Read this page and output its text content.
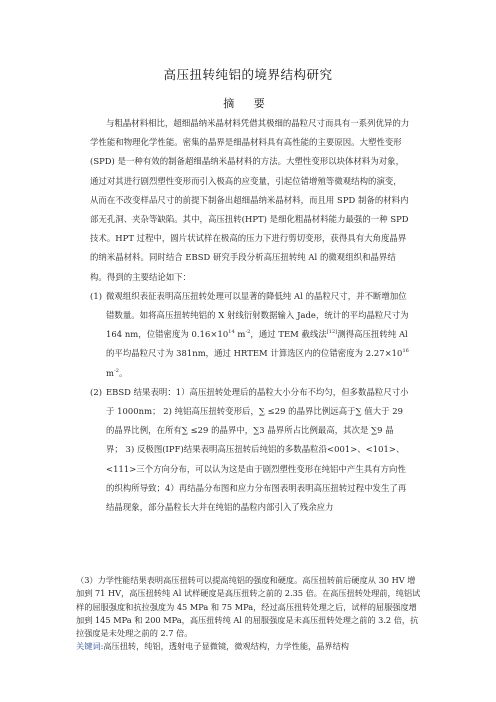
高压扭转纯铝的境界结构研究
摘 要

与粗晶材料相比，超细晶纳米晶材料凭借其极细的晶粒尺寸而具有一系列优异的力学性能和物理化学性能。密集的晶界是细晶材料具有高性能的主要原因。大塑性变形(SPD) 是一种有效的制备超细晶纳米晶材料的方法。大塑性变形以块体材料为对象，通过对其进行剧烈塑性变形而引入极高的应变量，引起位错增殖等微观结构的演变，从而在不改变样品尺寸的前提下制备出超细晶纳米晶材料，而且用 SPD 制备的材料内部无孔洞、夹杂等缺陷。其中，高压扭转(HPT) 是细化粗晶材料能力最强的一种 SPD 技术。HPT 过程中，圆片状试样在极高的压力下进行剪切变形，获得具有大角度晶界的纳米晶材料。同时结合 EBSD 研究手段分析高压扭转纯 Al 的微观组织和晶界结构。得到的主要结论如下：

(1) 微观组织表征表明高压扭转处理可以显著的降低纯 Al 的晶粒尺寸，并不断增加位错数量。如将高压扭转纯铝的 X 射线衍射数据输入 Jade，统计的平均晶粒尺寸为 164 nm，位错密度为 $0.16\times 10^{14}$ $m^{-2}$，通过 TEM 截线法[12]测得高压扭转纯 Al 的平均晶粒尺寸为 381nm，通过 HRTEM 计算选区内的位错密度为 $2.27\times 10^{16}$ $m^{-2}$。
(2) EBSD 结果表明：1）高压扭转处理后的晶粒大小分布不均匀，但多数晶粒尺寸小于 1000nm； 2) 纯铝高压扭转变形后，∑ ≤29 的晶界比例远高于∑ 值大于 29 的晶界比例，在所有∑ ≤29 的晶界中，∑3 晶界所占比例最高，其次是 ∑9 晶界； 3) 反极图(IPF)结果表明高压扭转后纯铝的多数晶粒沿<001>、<101>、<111>三个方向分布，可以认为这是由于剧烈塑性变形在纯铝中产生具有方向性的织构所导致；4）再结晶分布图和应力分布图表明表明高压扭转过程中发生了再结晶现象，部分晶粒长大并在纯铝的晶粒内部引入了残余应力

（3）力学性能结果表明高压扭转可以提高纯铝的强度和硬度。高压扭转前后硬度从 30 HV 增加到 71 HV，高压扭转纯 Al 试样硬度是高压扭转之前的 2.35 倍。在高压扭转处理前，纯铝试样的屈服强度和抗拉强度为 45 MPa 和 75 MPa，经过高压扭转处理之后，试样的屈服强度增加到 145 MPa 和 200 MPa，高压扭转纯 Al 的屈服强度是未高压扭转处理之前的 3.2 倍，抗拉强度是未处理之前的 2.7 倍。

关键词:高压扭转，纯铝，透射电子显微镜，微观结构，力学性能，晶界结构
